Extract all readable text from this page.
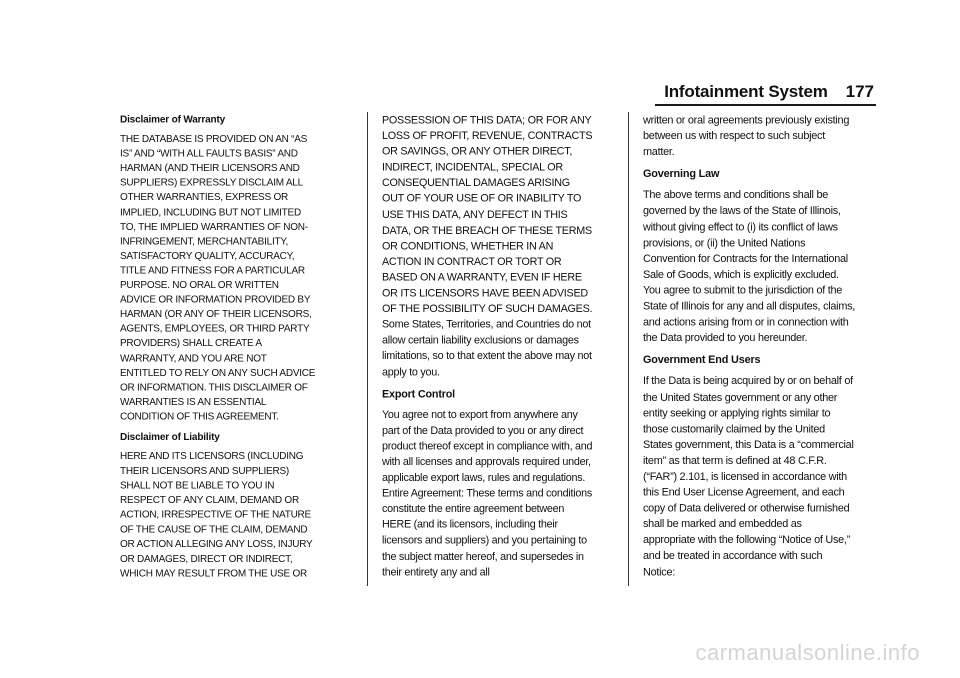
Infotainment System 177

Disclaimer of Warranty

THE DATABASE IS PROVIDED ON AN “AS IS” AND “WITH ALL FAULTS BASIS” AND HARMAN (AND THEIR LICENSORS AND SUPPLIERS) EXPRESSLY DISCLAIM ALL OTHER WARRANTIES, EXPRESS OR IMPLIED, INCLUDING BUT NOT LIMITED TO, THE IMPLIED WARRANTIES OF NON-INFRINGEMENT, MERCHANTABILITY, SATISFACTORY QUALITY, ACCURACY, TITLE AND FITNESS FOR A PARTICULAR PURPOSE. NO ORAL OR WRITTEN ADVICE OR INFORMATION PROVIDED BY HARMAN (OR ANY OF THEIR LICENSORS, AGENTS, EMPLOYEES, OR THIRD PARTY PROVIDERS) SHALL CREATE A WARRANTY, AND YOU ARE NOT ENTITLED TO RELY ON ANY SUCH ADVICE OR INFORMATION. THIS DISCLAIMER OF WARRANTIES IS AN ESSENTIAL CONDITION OF THIS AGREEMENT.

Disclaimer of Liability

HERE AND ITS LICENSORS (INCLUDING THEIR LICENSORS AND SUPPLIERS) SHALL NOT BE LIABLE TO YOU IN RESPECT OF ANY CLAIM, DEMAND OR ACTION, IRRESPECTIVE OF THE NATURE OF THE CAUSE OF THE CLAIM, DEMAND OR ACTION ALLEGING ANY LOSS, INJURY OR DAMAGES, DIRECT OR INDIRECT, WHICH MAY RESULT FROM THE USE OR

POSSESSION OF THIS DATA; OR FOR ANY LOSS OF PROFIT, REVENUE, CONTRACTS OR SAVINGS, OR ANY OTHER DIRECT, INDIRECT, INCIDENTAL, SPECIAL OR CONSEQUENTIAL DAMAGES ARISING OUT OF YOUR USE OF OR INABILITY TO USE THIS DATA, ANY DEFECT IN THIS DATA, OR THE BREACH OF THESE TERMS OR CONDITIONS, WHETHER IN AN ACTION IN CONTRACT OR TORT OR BASED ON A WARRANTY, EVEN IF HERE OR ITS LICENSORS HAVE BEEN ADVISED OF THE POSSIBILITY OF SUCH DAMAGES. Some States, Territories, and Countries do not allow certain liability exclusions or damages limitations, so to that extent the above may not apply to you.

Export Control

You agree not to export from anywhere any part of the Data provided to you or any direct product thereof except in compliance with, and with all licenses and approvals required under, applicable export laws, rules and regulations. Entire Agreement: These terms and conditions constitute the entire agreement between HERE (and its licensors, including their licensors and suppliers) and you pertaining to the subject matter hereof, and supersedes in their entirety any and all

written or oral agreements previously existing between us with respect to such subject matter.

Governing Law

The above terms and conditions shall be governed by the laws of the State of Illinois, without giving effect to (i) its conflict of laws provisions, or (ii) the United Nations Convention for Contracts for the International Sale of Goods, which is explicitly excluded. You agree to submit to the jurisdiction of the State of Illinois for any and all disputes, claims, and actions arising from or in connection with the Data provided to you hereunder.

Government End Users

If the Data is being acquired by or on behalf of the United States government or any other entity seeking or applying rights similar to those customarily claimed by the United States government, this Data is a “commercial item” as that term is defined at 48 C.F.R. (“FAR”) 2.101, is licensed in accordance with this End User License Agreement, and each copy of Data delivered or otherwise furnished shall be marked and embedded as appropriate with the following “Notice of Use,” and be treated in accordance with such Notice:

carmanualsonline.info
